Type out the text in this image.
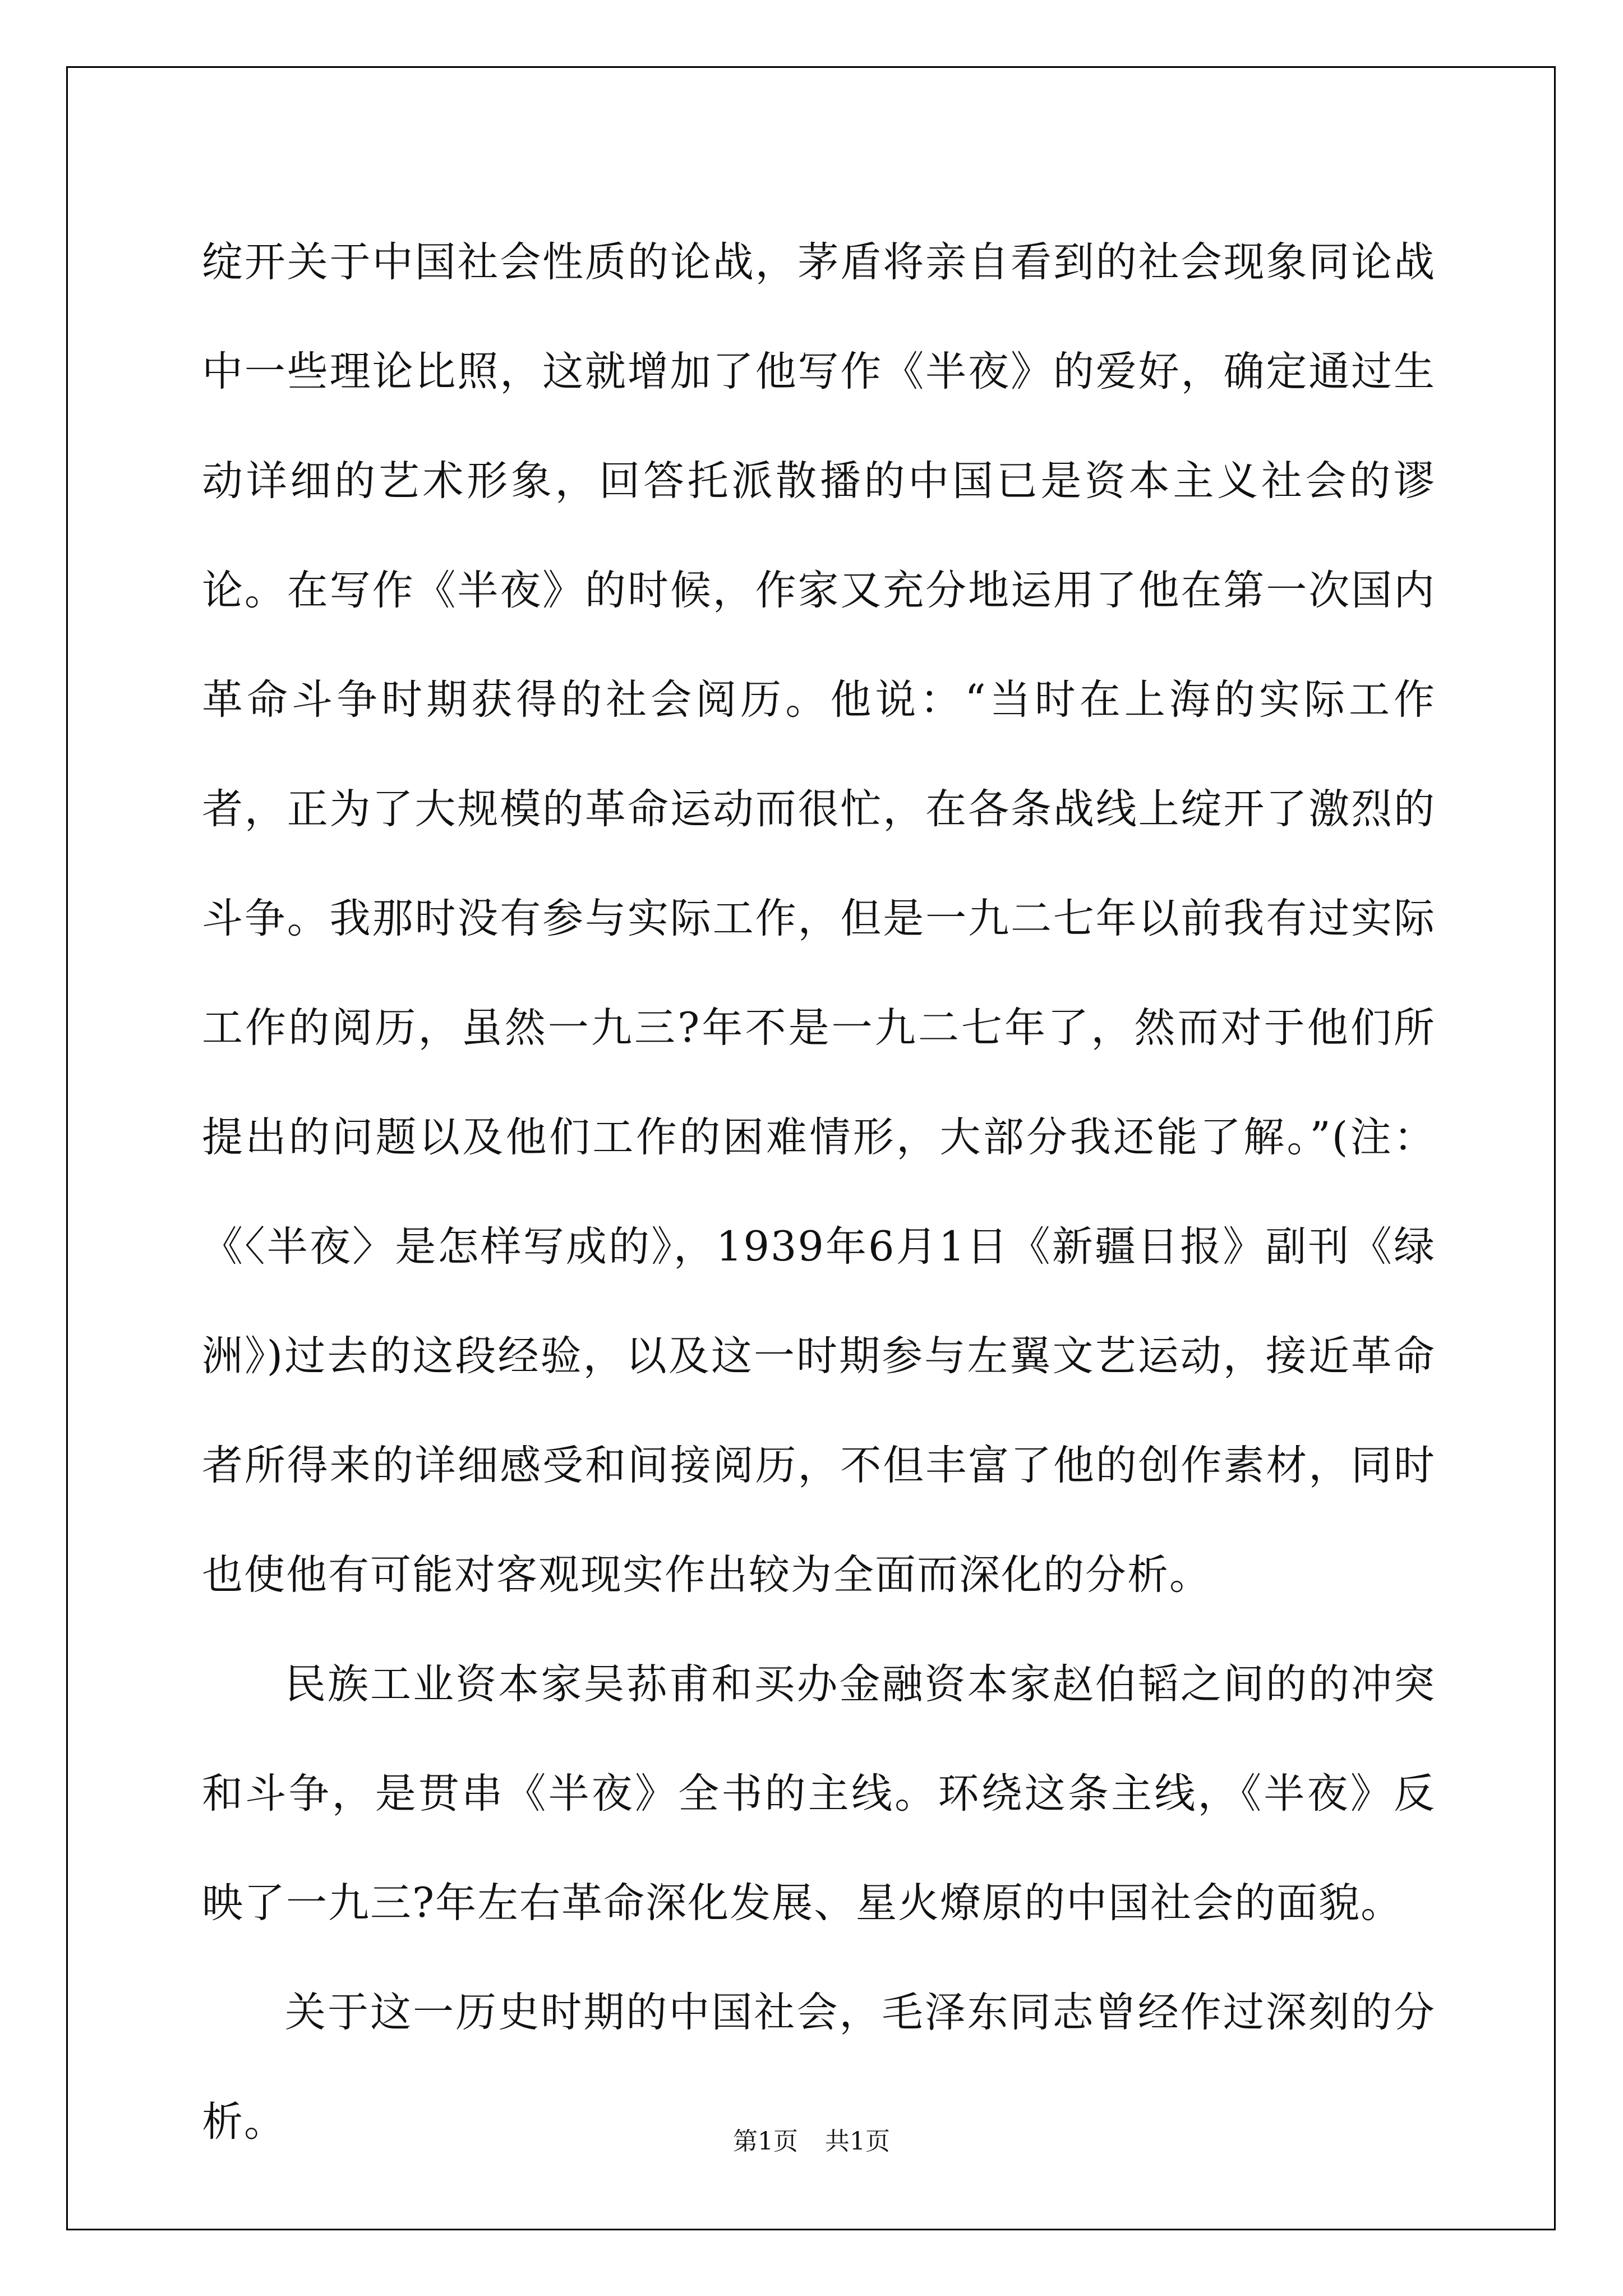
绽开关于中国社会性质的论战，茅盾将亲自看到的社会现象同论战中一些理论比照，这就增加了他写作《半夜》的爱好，确定通过生动详细的艺术形象，回答托派散播的中国已是资本主义社会的谬论。在写作《半夜》的时候，作家又充分地运用了他在第一次国内革命斗争时期获得的社会阅历。他说：“当时在上海的实际工作者，正为了大规模的革命运动而很忙，在各条战线上绽开了激烈的斗争。我那时没有参与实际工作，但是一九二七年以前我有过实际工作的阅历，虽然一九三?年不是一九二七年了，然而对于他们所提出的问题以及他们工作的困难情形，大部分我还能了解。”(注：《〈半夜〉是怎样写成的》，1939年6月1日《新疆日报》副刊《绿洲》)过去的这段经验，以及这一时期参与左翼文艺运动，接近革命者所得来的详细感受和间接阅历，不但丰富了他的创作素材，同时也使他有可能对客观现实作出较为全面而深化的分析。

民族工业资本家吴荪甫和买办金融资本家赵伯韬之间的的冲突和斗争，是贯串《半夜》全书的主线。环绕这条主线，《半夜》反映了一九三?年左右革命深化发展、星火燎原的中国社会的面貌。

关于这一历史时期的中国社会，毛泽东同志曾经作过深刻的分析。	第1页 共1页
